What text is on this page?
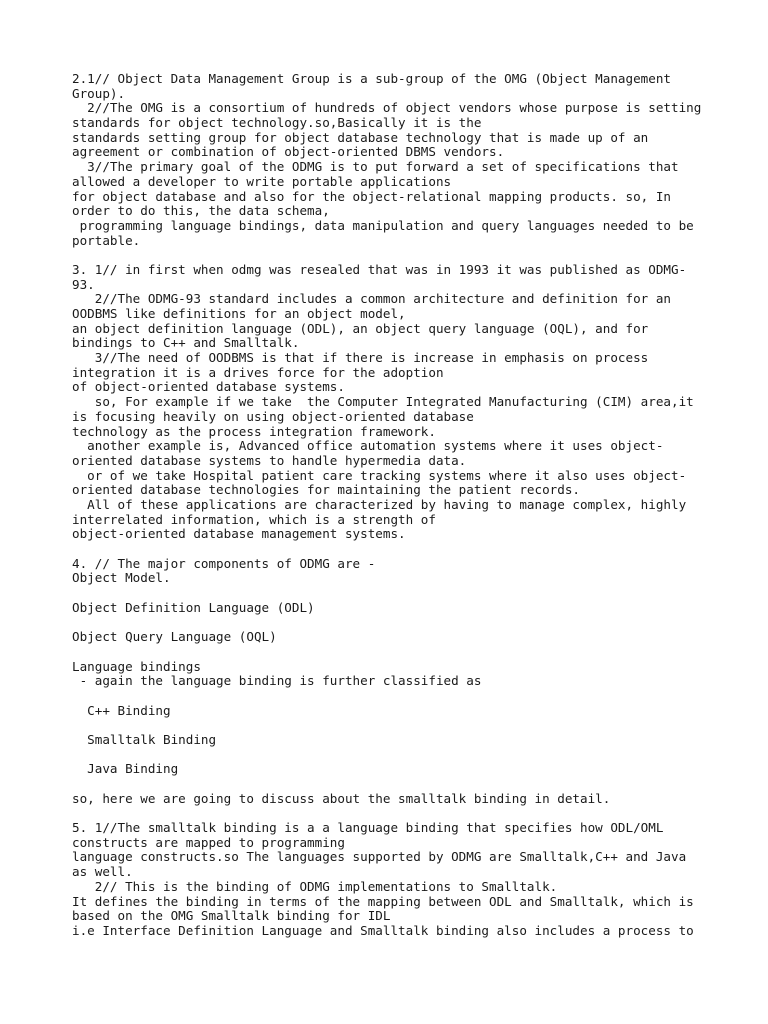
2.1// Object Data Management Group is a sub-group of the OMG (Object Management
Group).
2//The OMG is a consortium of hundreds of object vendors whose purpose is setting
standards for object technology.so,Basically it is the
standards setting group for object database technology that is made up of an
agreement or combination of object-oriented DBMS vendors.
3//The primary goal of the ODMG is to put forward a set of specifications that
allowed a developer to write portable applications
for object database and also for the object-relational mapping products. so, In
order to do this, the data schema,
programming language bindings, data manipulation and query languages needed to be
portable.
3. 1// in first when odmg was resealed that was in 1993 it was published as ODMG-
93.
2//The ODMG-93 standard includes a common architecture and definition for an
OODBMS like definitions for an object model,
an object definition language (ODL), an object query language (OQL), and for
bindings to C++ and Smalltalk.
3//The need of OODBMS is that if there is increase in emphasis on process
integration it is a drives force for the adoption
of object-oriented database systems.
so, For example if we take  the Computer Integrated Manufacturing (CIM) area,it
is focusing heavily on using object-oriented database
technology as the process integration framework.
another example is, Advanced office automation systems where it uses object-
oriented database systems to handle hypermedia data.
or of we take Hospital patient care tracking systems where it also uses object-
oriented database technologies for maintaining the patient records.
All of these applications are characterized by having to manage complex, highly
interrelated information, which is a strength of
object-oriented database management systems.
4. // The major components of ODMG are -
Object Model.
Object Definition Language (ODL)
Object Query Language (OQL)
Language bindings
- again the language binding is further classified as
C++ Binding
Smalltalk Binding
Java Binding
so, here we are going to discuss about the smalltalk binding in detail.
5. 1//The smalltalk binding is a a language binding that specifies how ODL/OML
constructs are mapped to programming
language constructs.so The languages supported by ODMG are Smalltalk,C++ and Java
as well.
2// This is the binding of ODMG implementations to Smalltalk.
It defines the binding in terms of the mapping between ODL and Smalltalk, which is
based on the OMG Smalltalk binding for IDL
i.e Interface Definition Language and Smalltalk binding also includes a process to
